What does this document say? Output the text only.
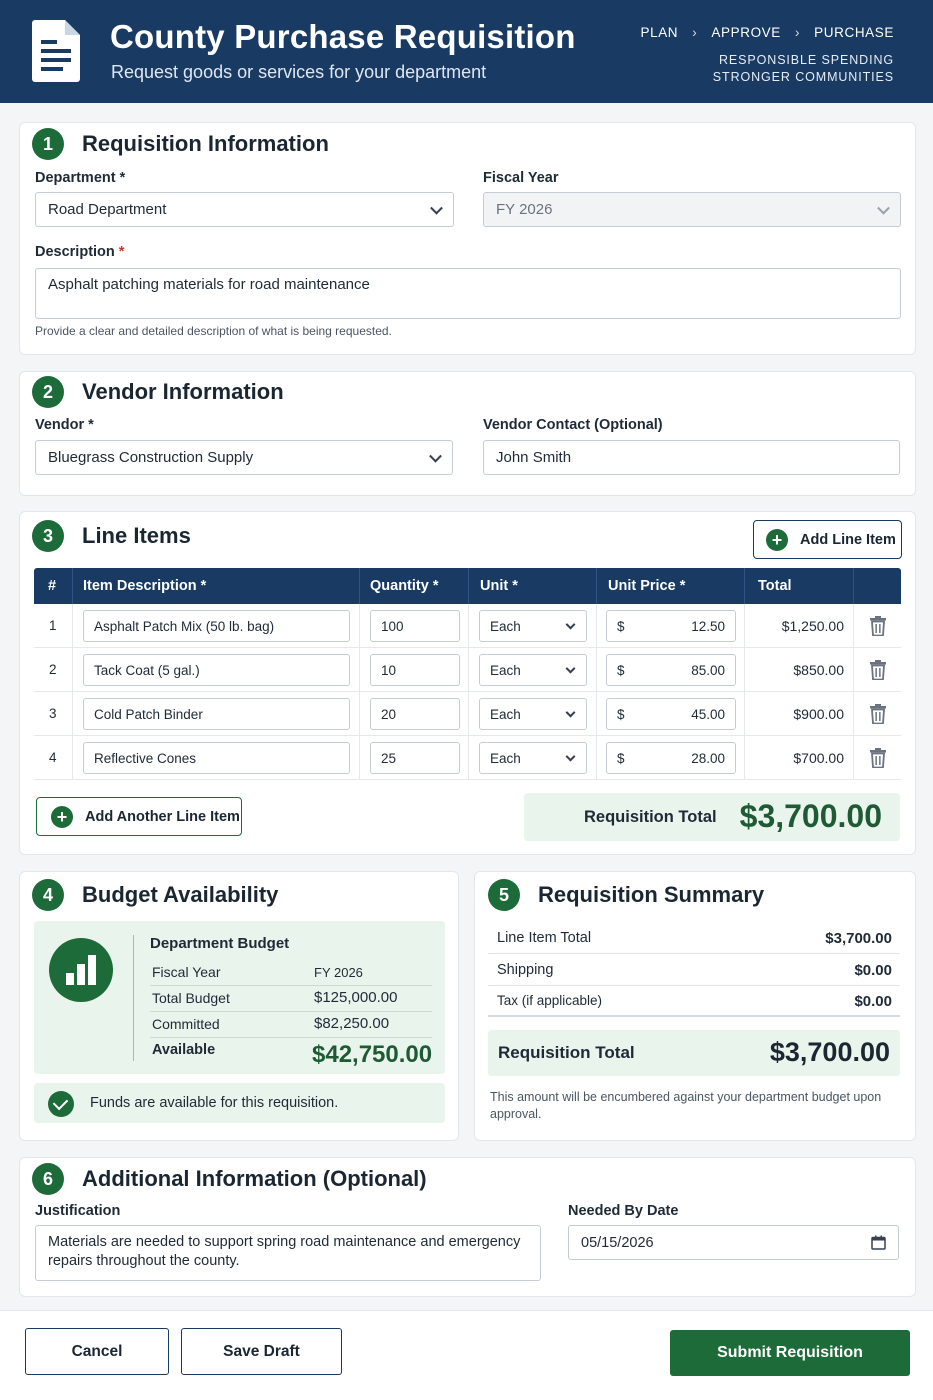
County Purchase Requisition
Request goods or services for your department
PLAN › APPROVE › PURCHASE
RESPONSIBLE SPENDING
STRONGER COMMUNITIES
1	Requisition Information
Department *
Road Department
Fiscal Year
FY 2026
Description *
Asphalt patching materials for road maintenance
Provide a clear and detailed description of what is being requested.
2	Vendor Information
Vendor *
Bluegrass Construction Supply
Vendor Contact (Optional)
John Smith
3	Line Items	+	Add Line Item
# Item Description *	Quantity *	Unit *	Unit Price *	Total
1	Asphalt Patch Mix (50 lb. bag)	100	Each	$	12.50	$1,250.00
2	Tack Coat (5 gal.)	10	Each	$	85.00	$850.00
3	Cold Patch Binder	20	Each	$	45.00	$900.00
4	Reflective Cones	25	Each	$	28.00	$700.00
+	Add Another Line Item	Requisition Total $3,700.00
4	Budget Availability
Department Budget
Fiscal Year	FY 2026
Total Budget	$125,000.00
Committed	$82,250.00
Available	$42,750.00
Funds are available for this requisition.
5	Requisition Summary
Line Item Total	$3,700.00
Shipping	$0.00
Tax (if applicable)	$0.00
Requisition Total	$3,700.00
This amount will be encumbered against your department budget upon approval.
6	Additional Information (Optional)
Justification
Materials are needed to support spring road maintenance and emergency repairs throughout the county.
Needed By Date
05/15/2026
Cancel	Save Draft	Submit Requisition
